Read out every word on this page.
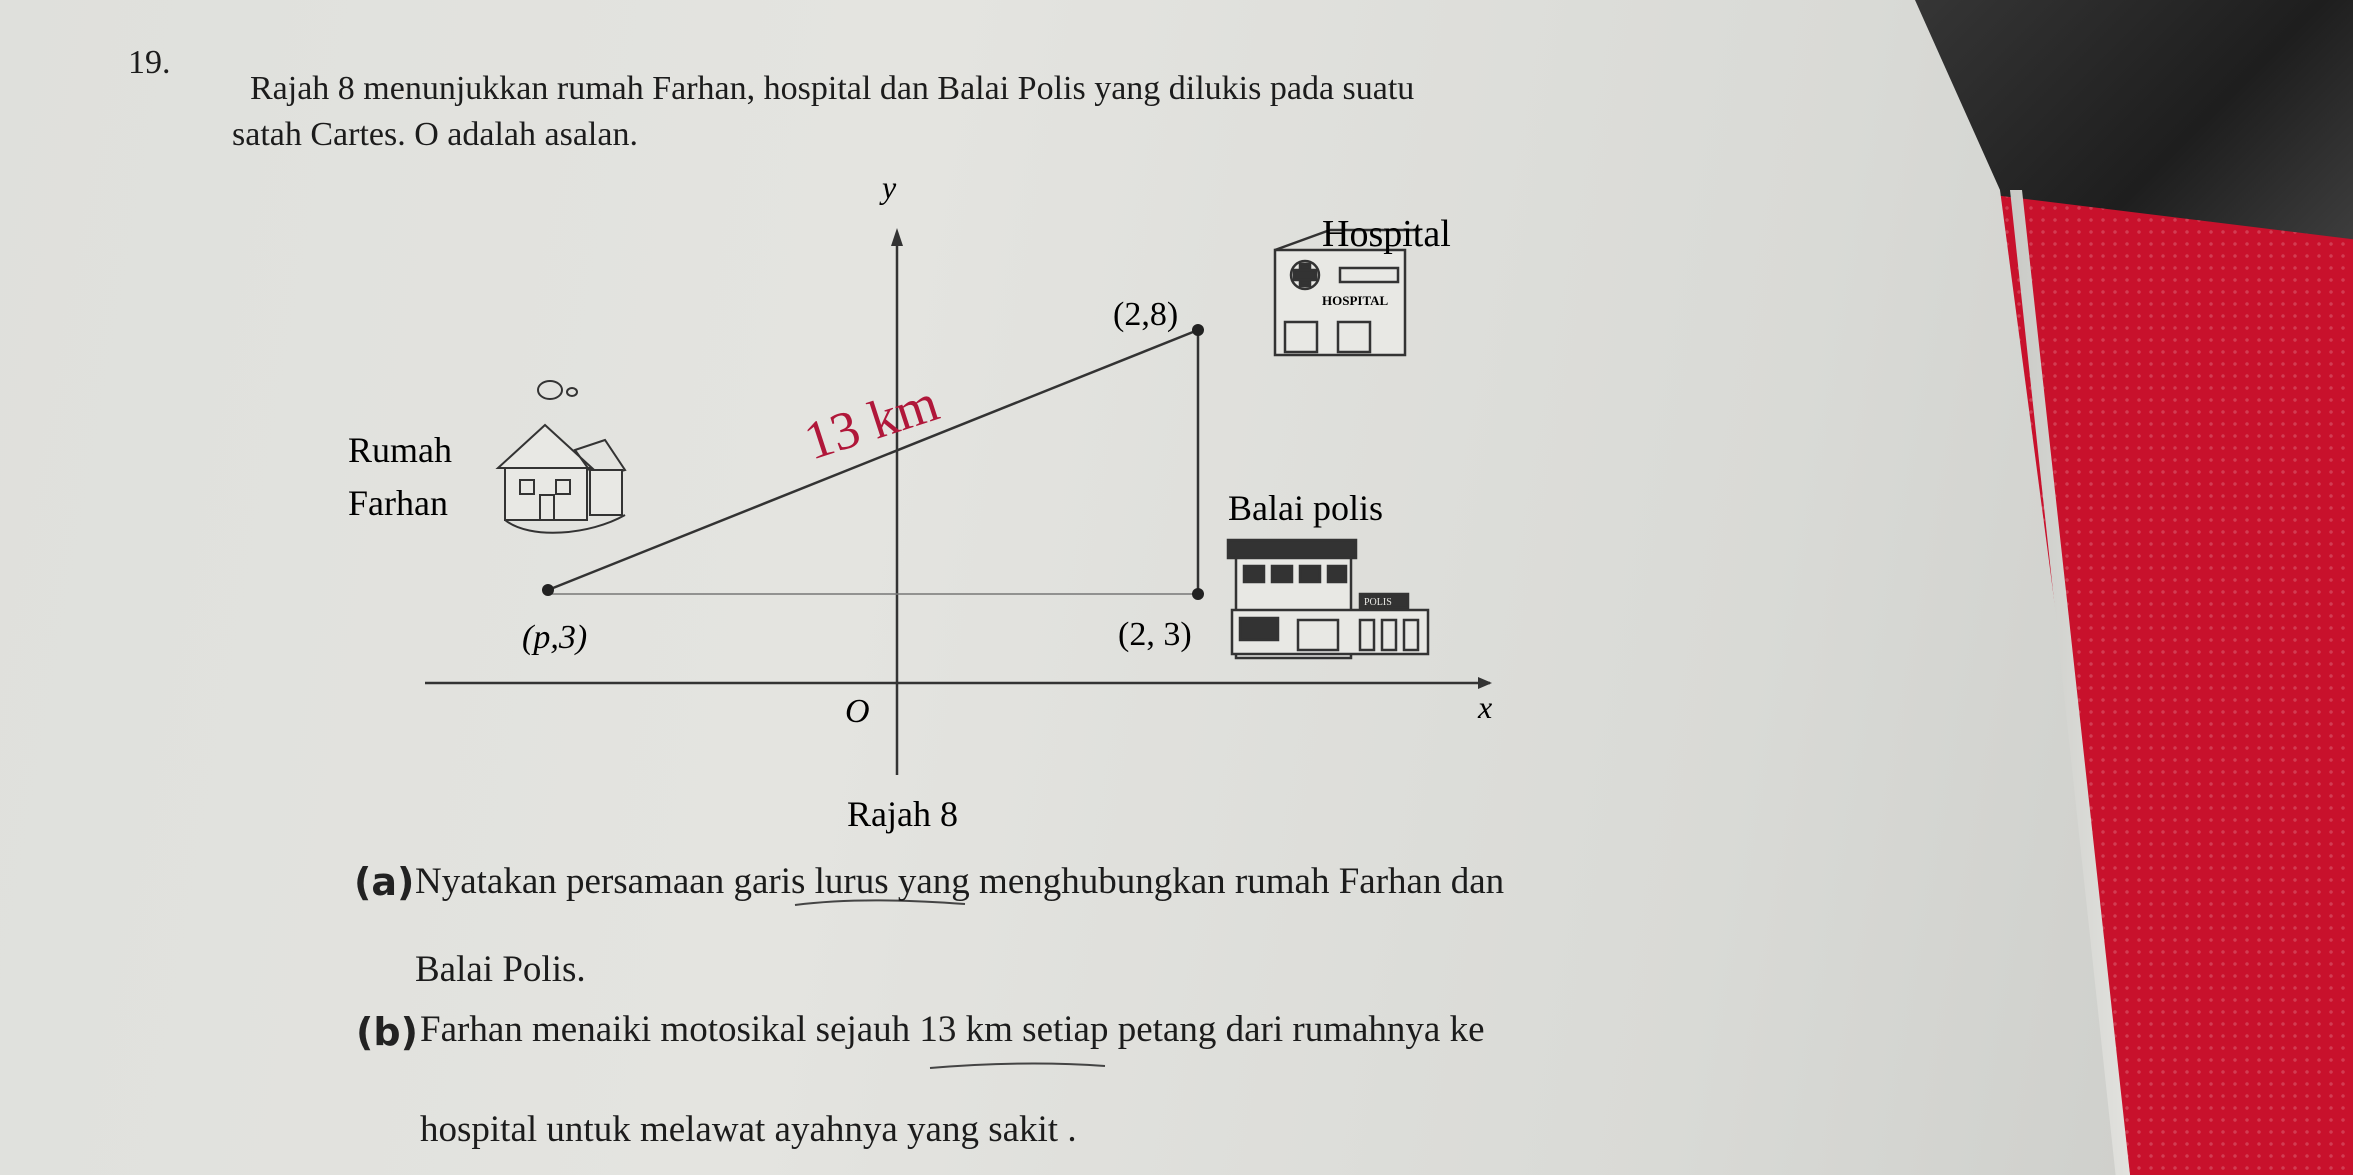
19.
Rajah 8 menunjukkan rumah Farhan, hospital dan Balai Polis yang dilukis pada suatu
satah Cartes. O adalah asalan.
y
x
O
(2,8)
(p,3)	(2, 3)
13 km
Rumah
Farhan
HOSPITAL
Hospital
POLIS
Balai polis
Rajah 8
(a) Nyatakan persamaan garis lurus yang menghubungkan rumah Farhan dan
Balai Polis.
(b) Farhan menaiki motosikal sejauh 13 km setiap petang dari rumahnya ke
hospital untuk melawat ayahnya yang sakit .
